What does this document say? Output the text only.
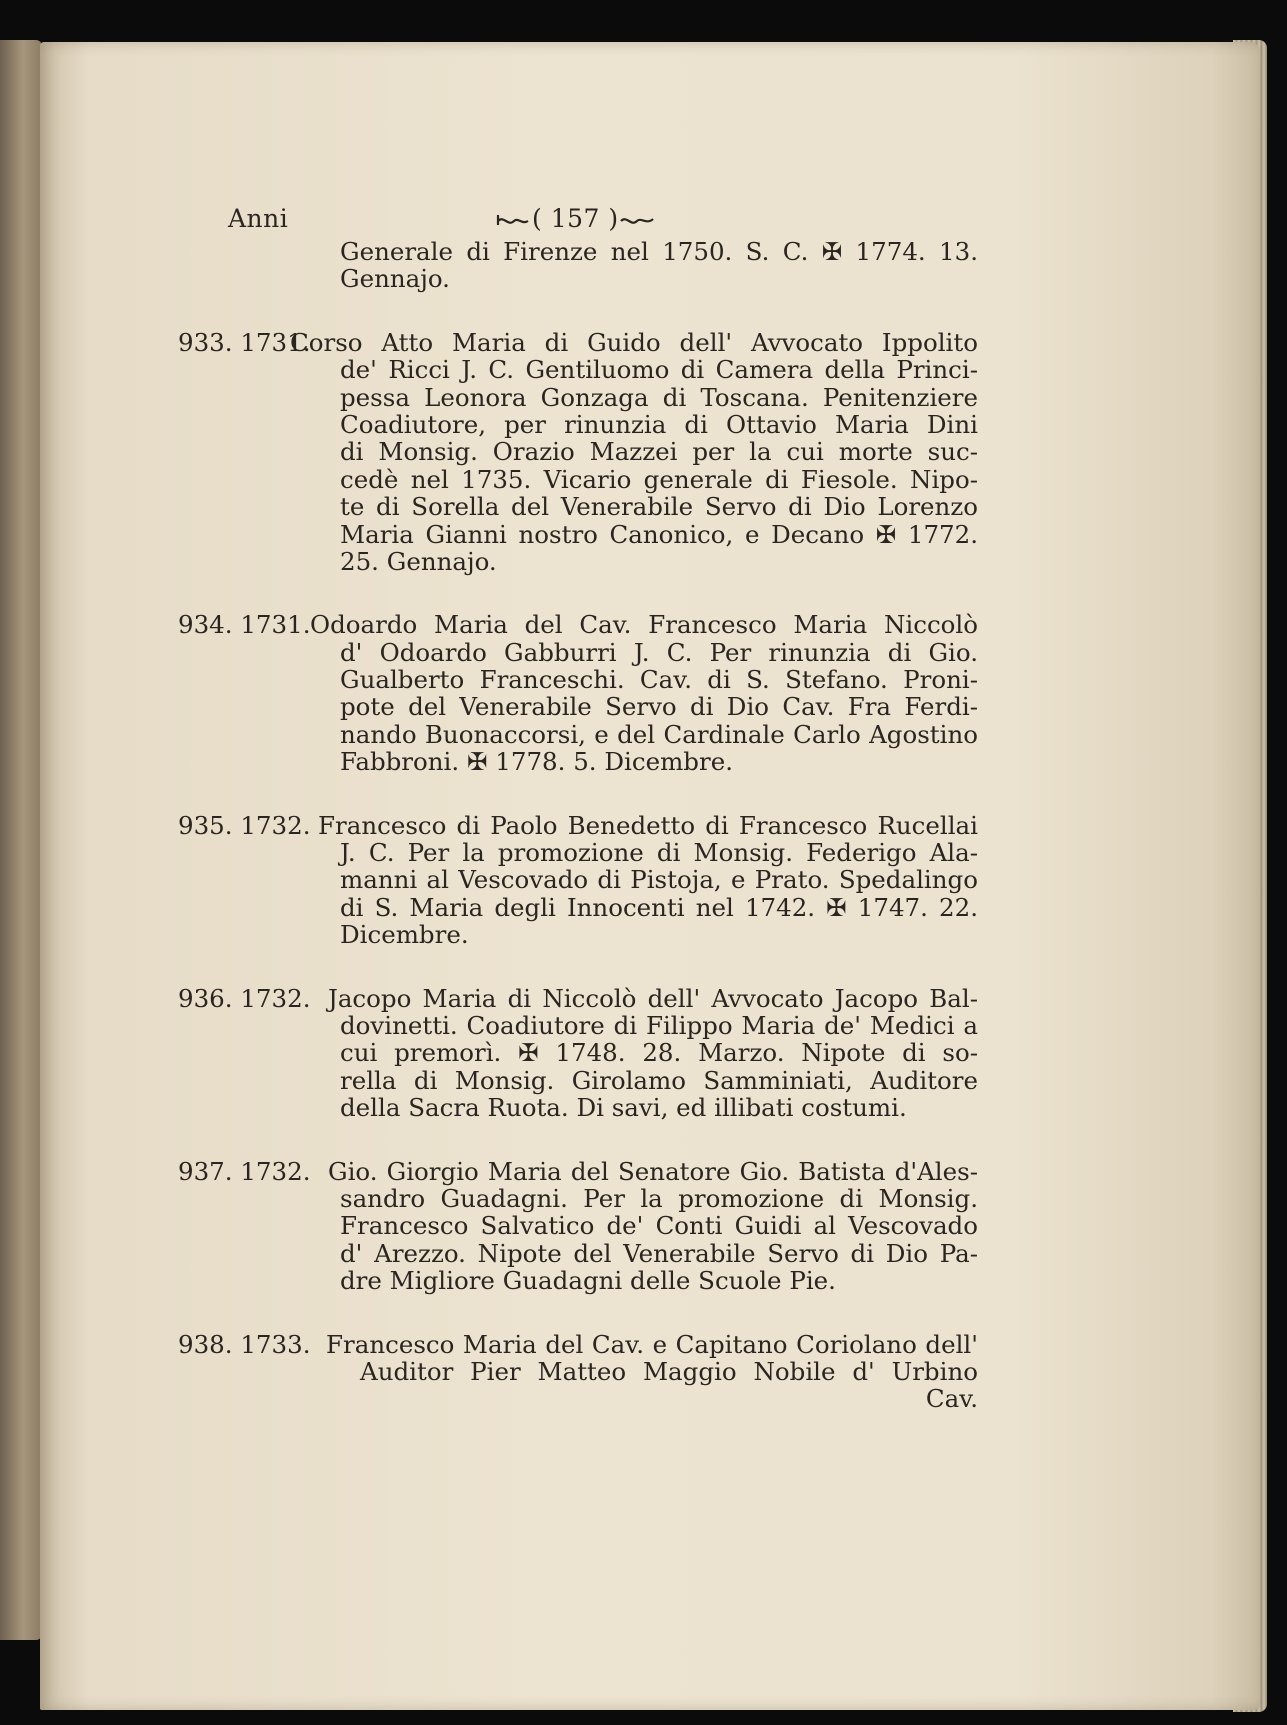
Anni	( 157 )
Generale di Firenze nel 1750. S. C. ✠ 1774. 13.
Gennajo.
933. 1731.
Corso Atto Maria di Guido dell' Avvocato Ippolito
de' Ricci J. C. Gentiluomo di Camera della Princi-
pessa Leonora Gonzaga di Toscana. Penitenziere
Coadiutore, per rinunzia di Ottavio Maria Dini
di Monsig. Orazio Mazzei per la cui morte suc-
cedè nel 1735. Vicario generale di Fiesole. Nipo-
te di Sorella del Venerabile Servo di Dio Lorenzo
Maria Gianni nostro Canonico, e Decano ✠ 1772.
25. Gennajo.
934. 1731. Odoardo Maria del Cav. Francesco Maria Niccolò
d' Odoardo Gabburri J. C. Per rinunzia di Gio.
Gualberto Franceschi. Cav. di S. Stefano. Proni-
pote del Venerabile Servo di Dio Cav. Fra Ferdi-
nando Buonaccorsi, e del Cardinale Carlo Agostino
Fabbroni. ✠ 1778. 5. Dicembre.
935. 1732. Francesco di Paolo Benedetto di Francesco Rucellai
J. C. Per la promozione di Monsig. Federigo Ala-
manni al Vescovado di Pistoja, e Prato. Spedalingo
di S. Maria degli Innocenti nel 1742. ✠ 1747. 22.
Dicembre.
936. 1732. Jacopo Maria di Niccolò dell' Avvocato Jacopo Bal-
dovinetti. Coadiutore di Filippo Maria de' Medici a
cui premorì. ✠ 1748. 28. Marzo. Nipote di so-
rella di Monsig. Girolamo Samminiati, Auditore
della Sacra Ruota. Di savi, ed illibati costumi.
937. 1732. Gio. Giorgio Maria del Senatore Gio. Batista d'Ales-
sandro Guadagni. Per la promozione di Monsig.
Francesco Salvatico de' Conti Guidi al Vescovado
d' Arezzo. Nipote del Venerabile Servo di Dio Pa-
dre Migliore Guadagni delle Scuole Pie.
938. 1733. Francesco Maria del Cav. e Capitano Coriolano dell'
Auditor Pier Matteo Maggio Nobile d' Urbino
Cav.
